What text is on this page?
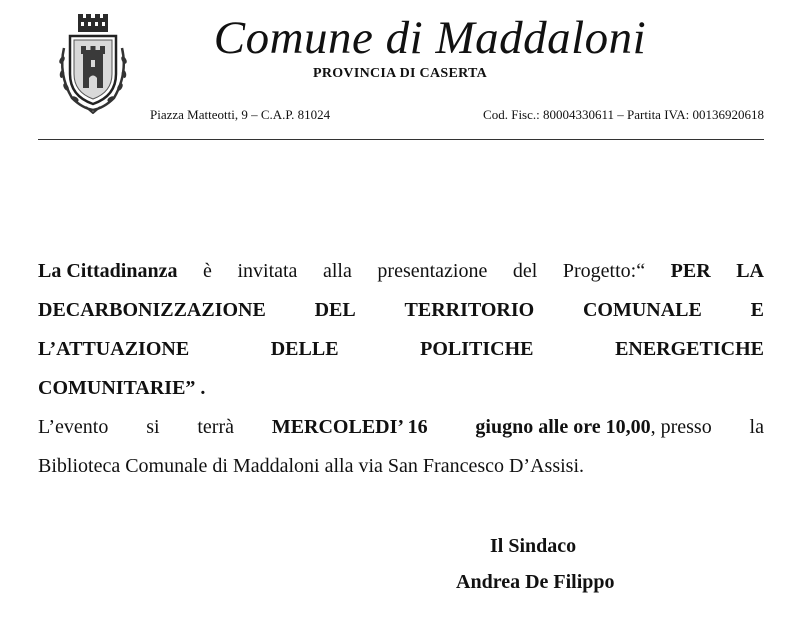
Comune di Maddaloni
PROVINCIA DI CASERTA
Piazza Matteotti, 9 – C.A.P. 81024	Cod. Fisc.: 80004330611 – Partita IVA: 00136920618
La Cittadinanza è invitata alla presentazione del Progetto:“ PER LA
DECARBONIZZAZIONE DEL TERRITORIO COMUNALE E
L’ATTUAZIONE	DELLE	POLITICHE	ENERGETICHE
COMUNITARIE” .
L’evento si terrà MERCOLEDI’ 16 giugno alle ore 10,00, presso la
Biblioteca Comunale di Maddaloni alla via San Francesco D’Assisi.
Il Sindaco
Andrea De Filippo
